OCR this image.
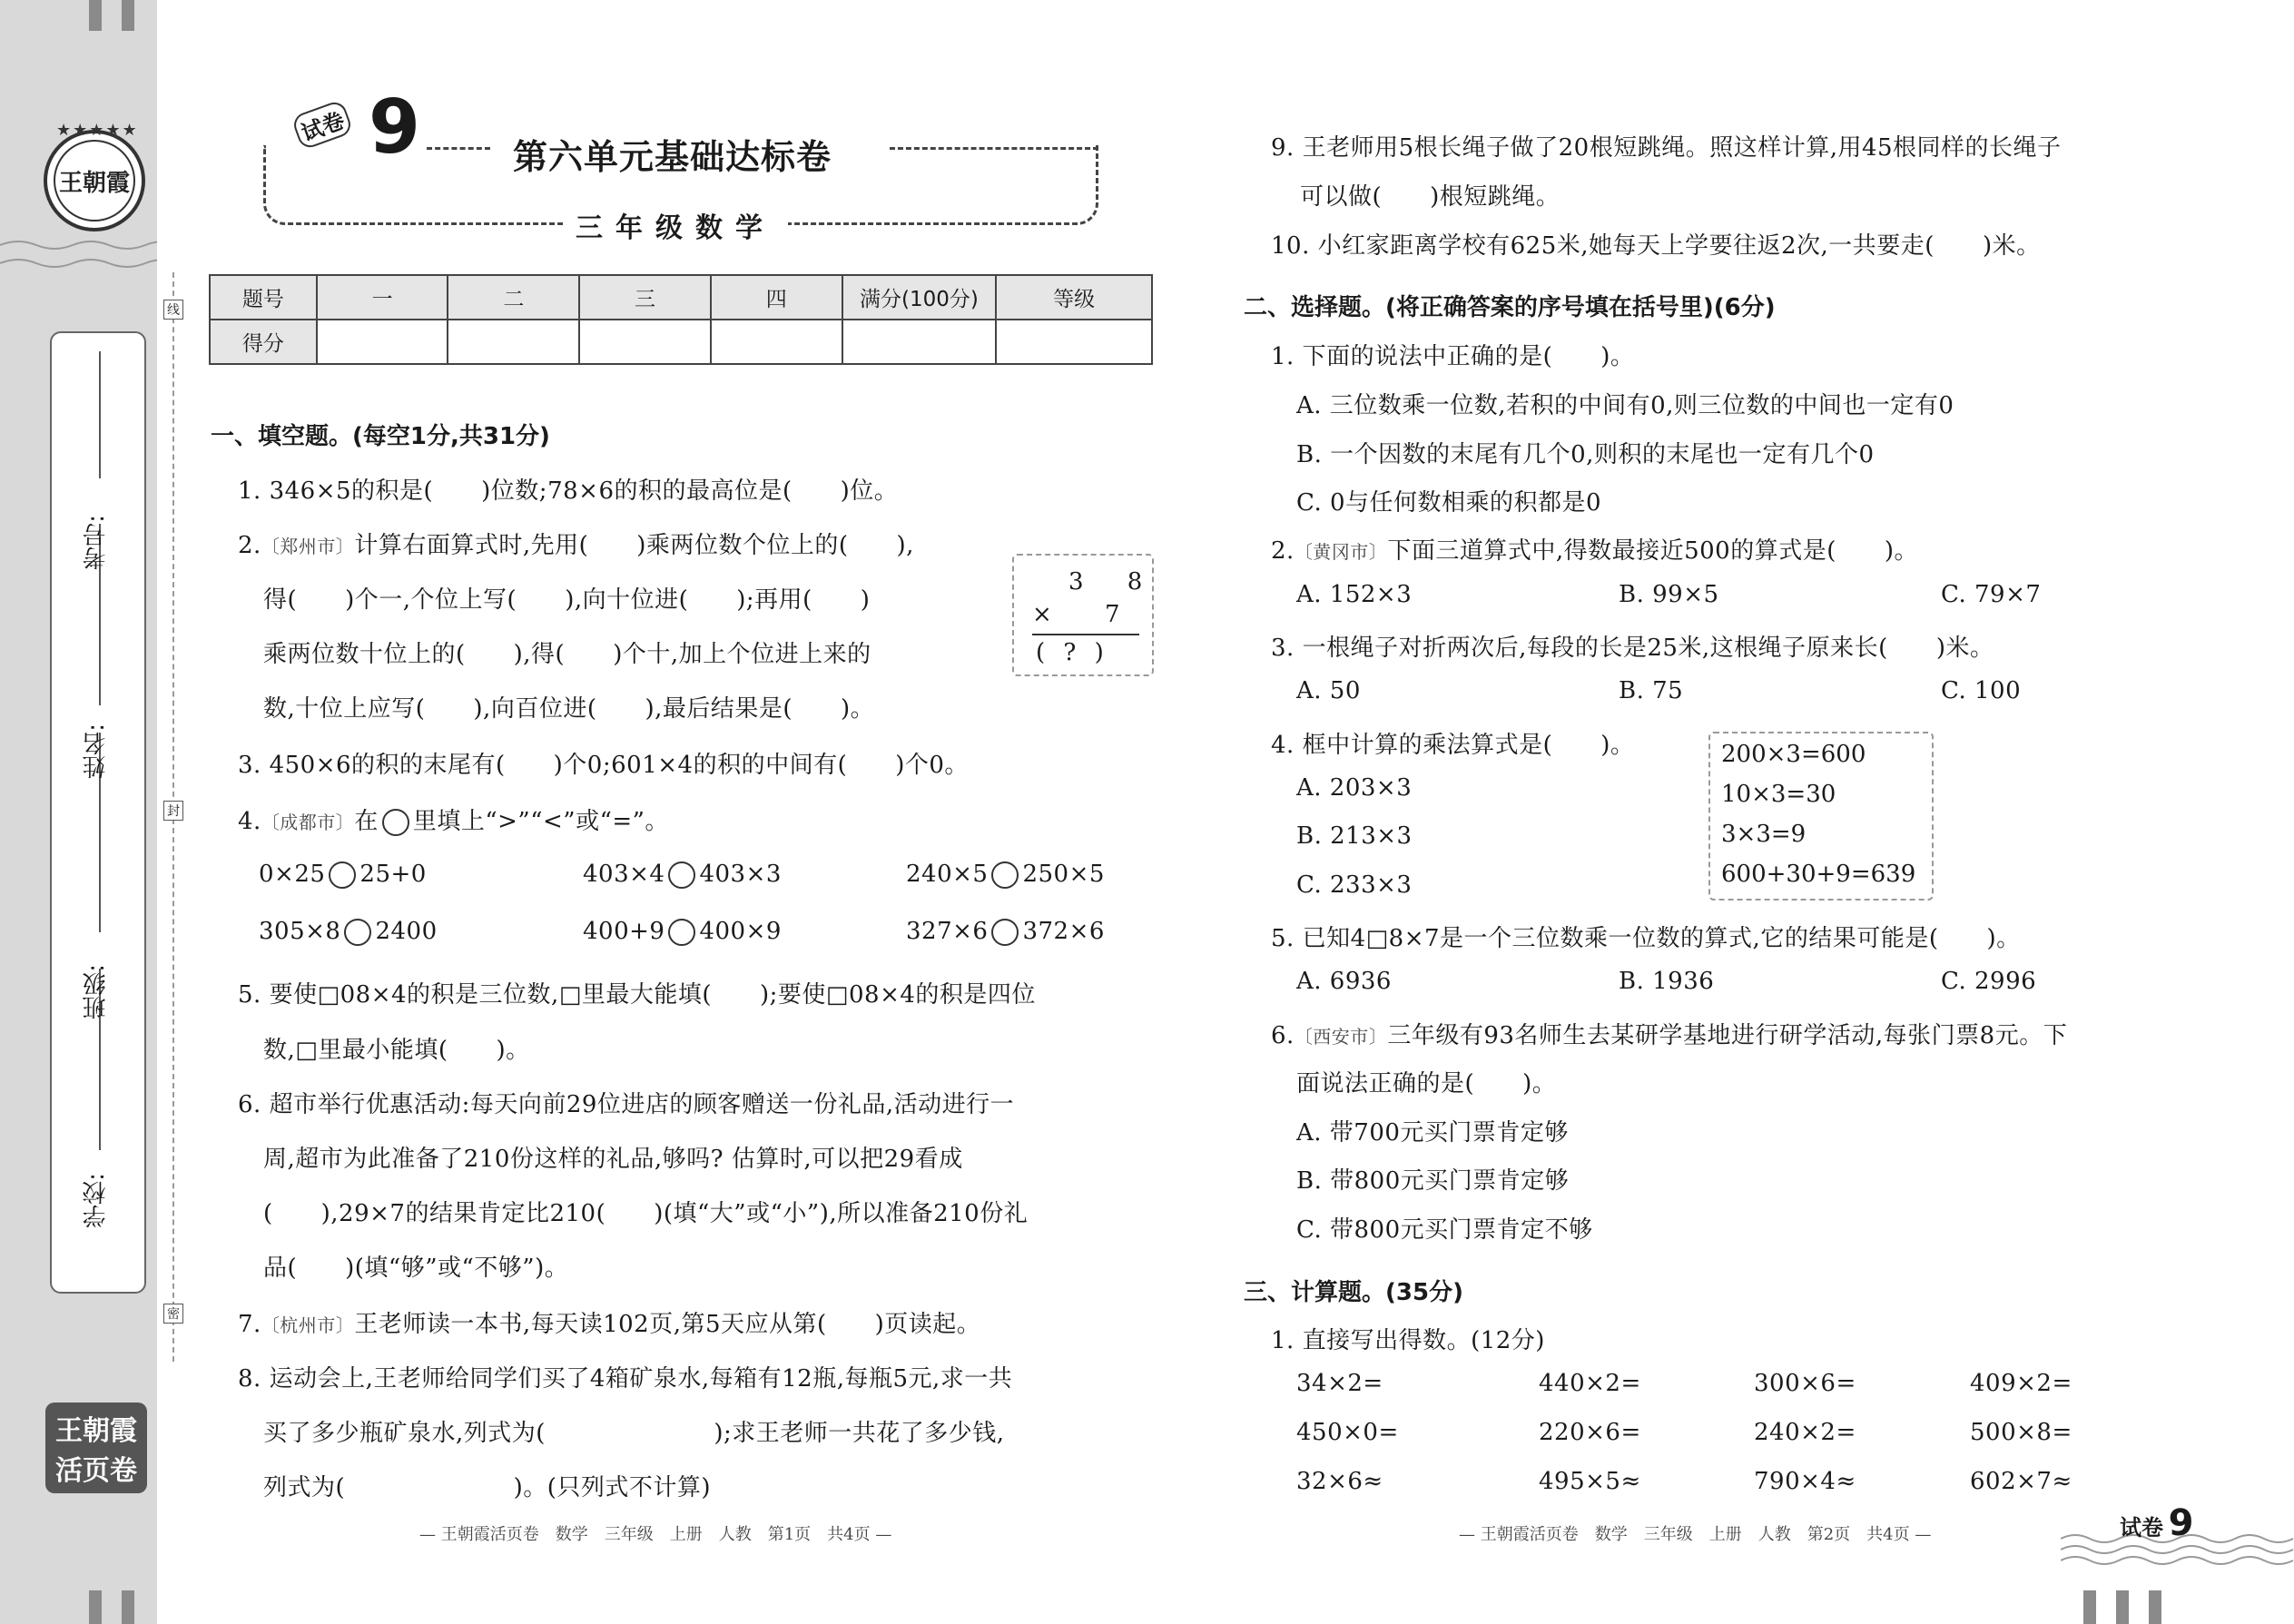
★★★★★
王朝霞
学校:
班级:
姓名:
考号:
王朝霞
活页卷
线
封
密
试卷 9	第六单元基础达标卷
三年级数学
题号	一	二	三	四	满分(100分)	等级
得分						
一、填空题。(每空1分,共31分)
1. 346×5的积是(　　)位数;78×6的积的最高位是(　　)位。
2.〔郑州市〕计算右面算式时,先用(　　)乘两位数个位上的(　　),
得(　　)个一,个位上写(　　),向十位进(　　);再用(　　)
乘两位数十位上的(　　),得(　　)个十,加上个位进上来的
数,十位上应写(　　),向百位进(　　),最后结果是(　　)。
3 8
× 7
( ? )
3. 450×6的积的末尾有(　　)个0;601×4的积的中间有(　　)个0。
4.〔成都市〕在 里填上“>”“<”或“=”。
0×25 25+0	403×4 403×3	240×5 250×5
305×8 2400	400+9 400×9	327×6 372×6
5. 要使□08×4的积是三位数,□里最大能填(　　);要使□08×4的积是四位
数,□里最小能填(　　)。
6. 超市举行优惠活动:每天向前29位进店的顾客赠送一份礼品,活动进行一
周,超市为此准备了210份这样的礼品,够吗? 估算时,可以把29看成
(　　),29×7的结果肯定比210(　　)(填“大”或“小”),所以准备210份礼
品(　　)(填“够”或“不够”)。
7.〔杭州市〕王老师读一本书,每天读102页,第5天应从第(　　)页读起。
8. 运动会上,王老师给同学们买了4箱矿泉水,每箱有12瓶,每瓶5元,求一共
买了多少瓶矿泉水,列式为(　　　　　　　);求王老师一共花了多少钱,
列式为(　　　　　　　)。(只列式不计算)
— 王朝霞活页卷　数学　三年级　上册　人教　第1页　共4页 —
9. 王老师用5根长绳子做了20根短跳绳。照这样计算,用45根同样的长绳子
可以做(　　)根短跳绳。
10. 小红家距离学校有625米,她每天上学要往返2次,一共要走(　　)米。
二、选择题。(将正确答案的序号填在括号里)(6分)
1. 下面的说法中正确的是(　　)。
A. 三位数乘一位数,若积的中间有0,则三位数的中间也一定有0
B. 一个因数的末尾有几个0,则积的末尾也一定有几个0
C. 0与任何数相乘的积都是0
2.〔黄冈市〕下面三道算式中,得数最接近500的算式是(　　)。
A. 152×3	B. 99×5	C. 79×7
3. 一根绳子对折两次后,每段的长是25米,这根绳子原来长(　　)米。
A. 50	B. 75	C. 100
4. 框中计算的乘法算式是(　　)。
A. 203×3
B. 213×3
C. 233×3
200×3=600
10×3=30
3×3=9
600+30+9=639
5. 已知4□8×7是一个三位数乘一位数的算式,它的结果可能是(　　)。
A. 6936	B. 1936	C. 2996
6.〔西安市〕三年级有93名师生去某研学基地进行研学活动,每张门票8元。下
面说法正确的是(　　)。
A. 带700元买门票肯定够
B. 带800元买门票肯定够
C. 带800元买门票肯定不够
三、计算题。(35分)
1. 直接写出得数。(12分)
34×2=	440×2=	300×6=	409×2=
450×0=	220×6=	240×2=	500×8=
32×6≈	495×5≈	790×4≈	602×7≈
— 王朝霞活页卷　数学　三年级　上册　人教　第2页　共4页 —	试卷 9
